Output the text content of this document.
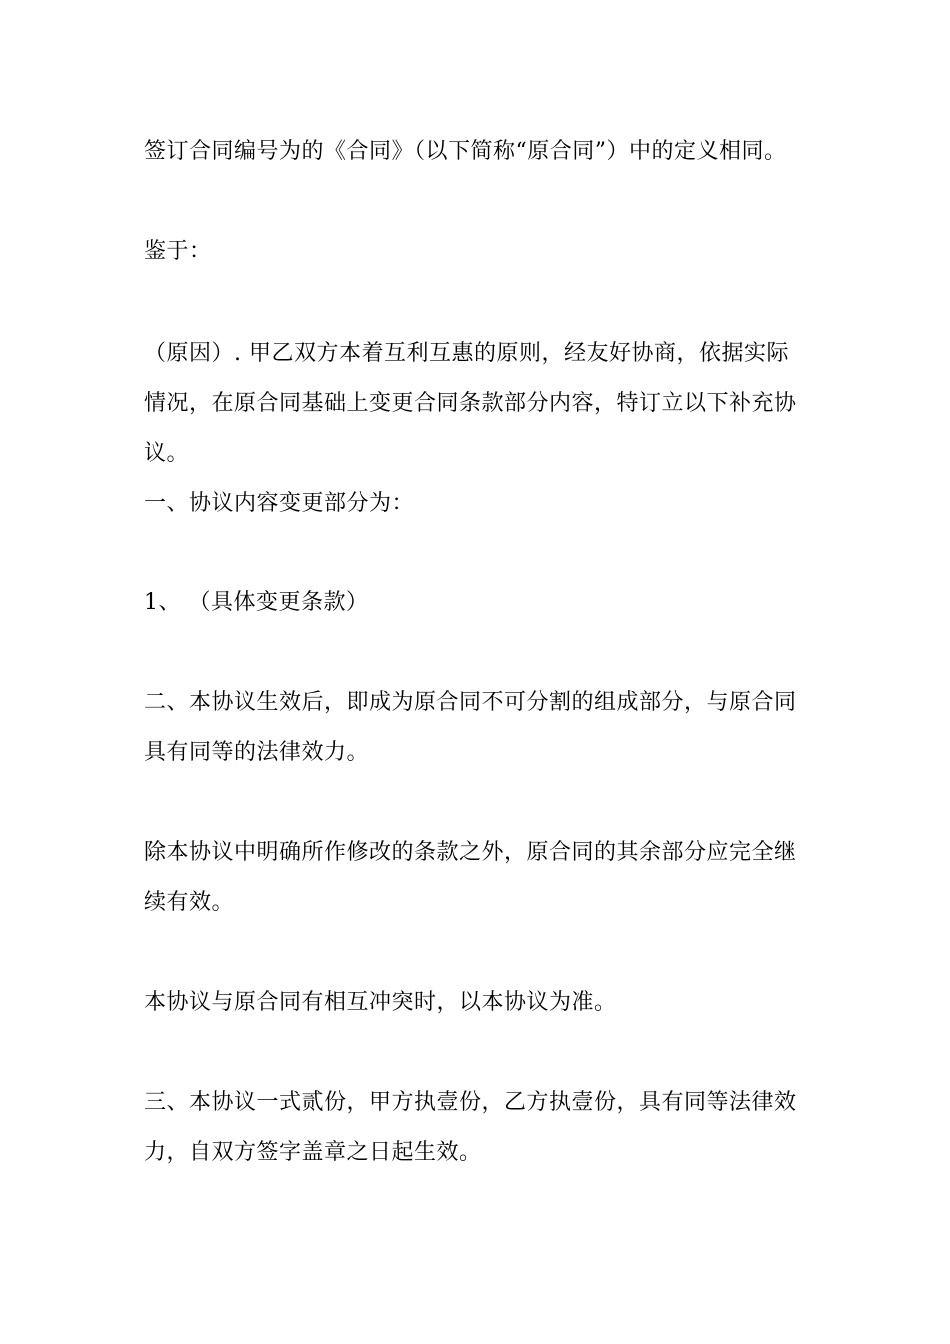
签订合同编号为的《合同》（以下简称“原合同”）中的定义相同。

鉴于：

（原因）. 甲乙双方本着互利互惠的原则，经友好协商，依据实际情况，在原合同基础上变更合同条款部分内容，特订立以下补充协议。

一、协议内容变更部分为：

1、 （具体变更条款）

二、本协议生效后，即成为原合同不可分割的组成部分，与原合同具有同等的法律效力。

除本协议中明确所作修改的条款之外，原合同的其余部分应完全继续有效。

本协议与原合同有相互冲突时，以本协议为准。

三、本协议一式贰份，甲方执壹份，乙方执壹份，具有同等法律效力，自双方签字盖章之日起生效。
